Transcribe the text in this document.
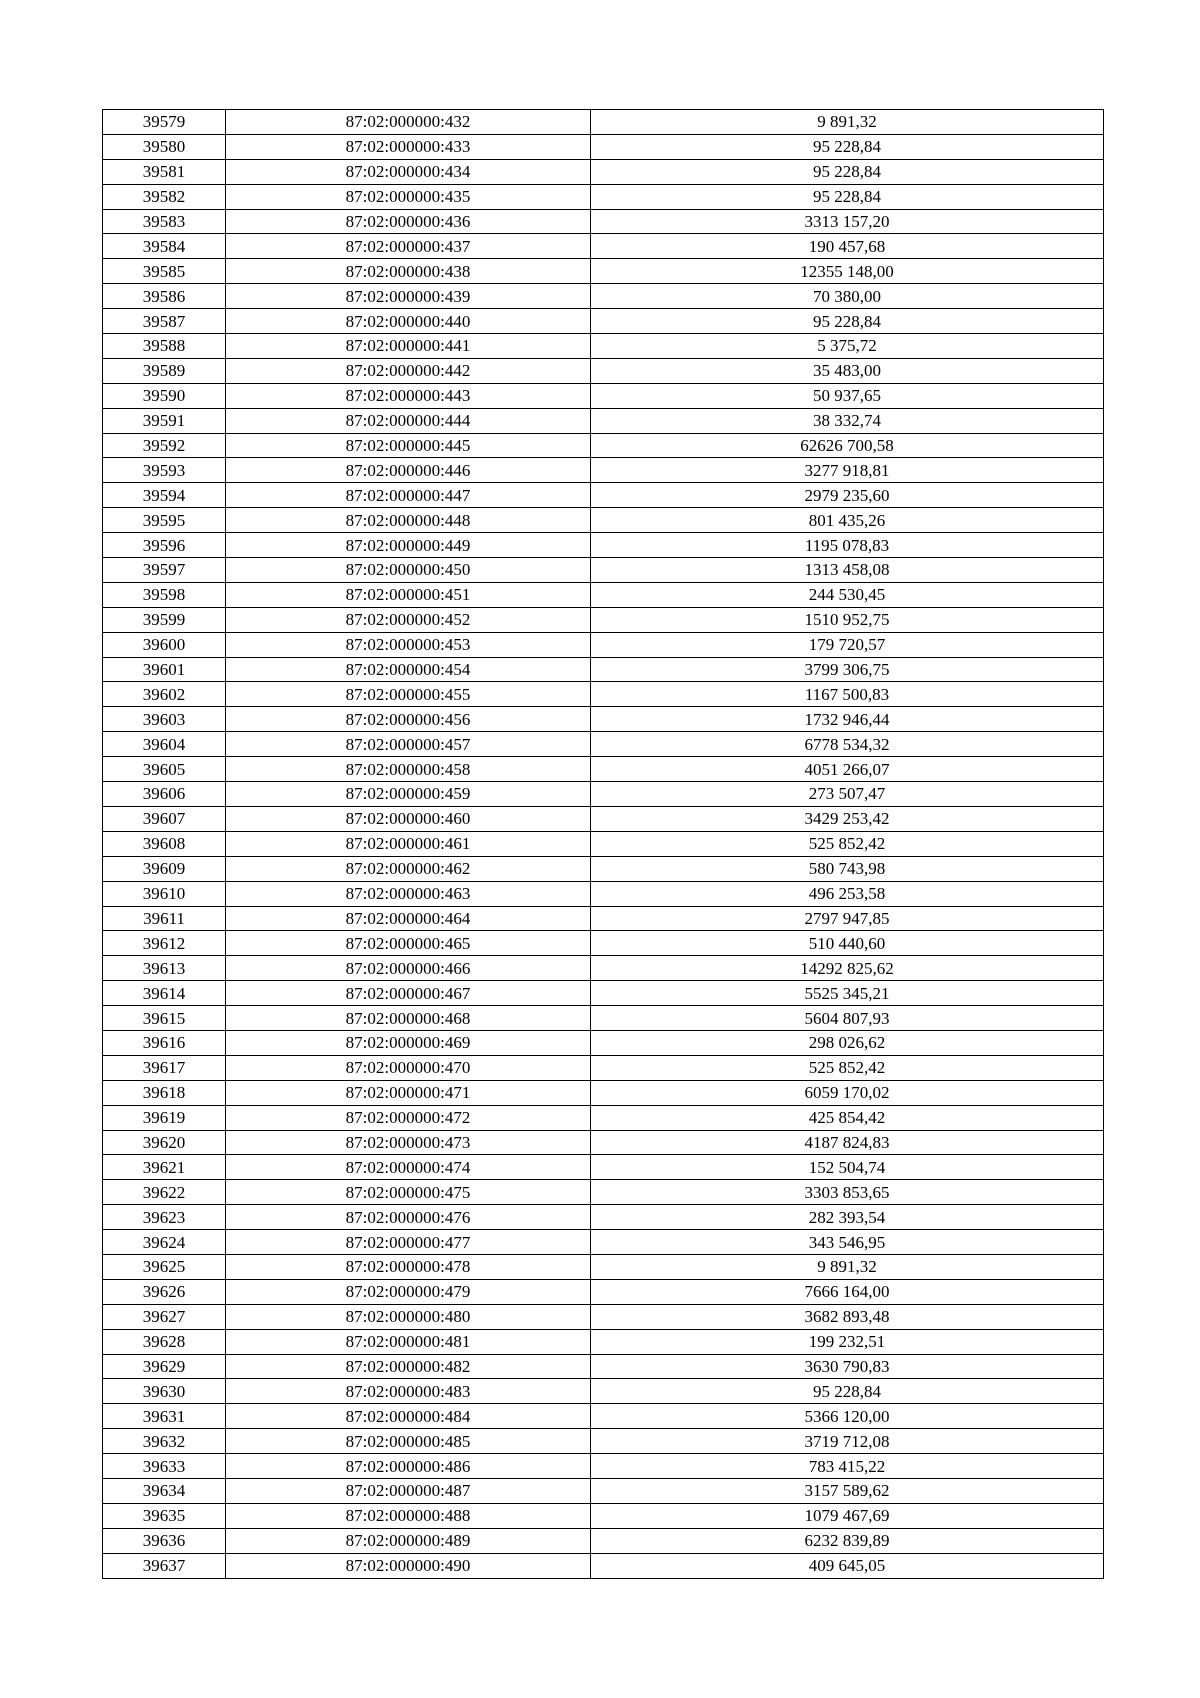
39579	87:02:000000:432	9 891,32
39580	87:02:000000:433	95 228,84
39581	87:02:000000:434	95 228,84
39582	87:02:000000:435	95 228,84
39583	87:02:000000:436	3313 157,20
39584	87:02:000000:437	190 457,68
39585	87:02:000000:438	12355 148,00
39586	87:02:000000:439	70 380,00
39587	87:02:000000:440	95 228,84
39588	87:02:000000:441	5 375,72
39589	87:02:000000:442	35 483,00
39590	87:02:000000:443	50 937,65
39591	87:02:000000:444	38 332,74
39592	87:02:000000:445	62626 700,58
39593	87:02:000000:446	3277 918,81
39594	87:02:000000:447	2979 235,60
39595	87:02:000000:448	801 435,26
39596	87:02:000000:449	1195 078,83
39597	87:02:000000:450	1313 458,08
39598	87:02:000000:451	244 530,45
39599	87:02:000000:452	1510 952,75
39600	87:02:000000:453	179 720,57
39601	87:02:000000:454	3799 306,75
39602	87:02:000000:455	1167 500,83
39603	87:02:000000:456	1732 946,44
39604	87:02:000000:457	6778 534,32
39605	87:02:000000:458	4051 266,07
39606	87:02:000000:459	273 507,47
39607	87:02:000000:460	3429 253,42
39608	87:02:000000:461	525 852,42
39609	87:02:000000:462	580 743,98
39610	87:02:000000:463	496 253,58
39611	87:02:000000:464	2797 947,85
39612	87:02:000000:465	510 440,60
39613	87:02:000000:466	14292 825,62
39614	87:02:000000:467	5525 345,21
39615	87:02:000000:468	5604 807,93
39616	87:02:000000:469	298 026,62
39617	87:02:000000:470	525 852,42
39618	87:02:000000:471	6059 170,02
39619	87:02:000000:472	425 854,42
39620	87:02:000000:473	4187 824,83
39621	87:02:000000:474	152 504,74
39622	87:02:000000:475	3303 853,65
39623	87:02:000000:476	282 393,54
39624	87:02:000000:477	343 546,95
39625	87:02:000000:478	9 891,32
39626	87:02:000000:479	7666 164,00
39627	87:02:000000:480	3682 893,48
39628	87:02:000000:481	199 232,51
39629	87:02:000000:482	3630 790,83
39630	87:02:000000:483	95 228,84
39631	87:02:000000:484	5366 120,00
39632	87:02:000000:485	3719 712,08
39633	87:02:000000:486	783 415,22
39634	87:02:000000:487	3157 589,62
39635	87:02:000000:488	1079 467,69
39636	87:02:000000:489	6232 839,89
39637	87:02:000000:490	409 645,05
